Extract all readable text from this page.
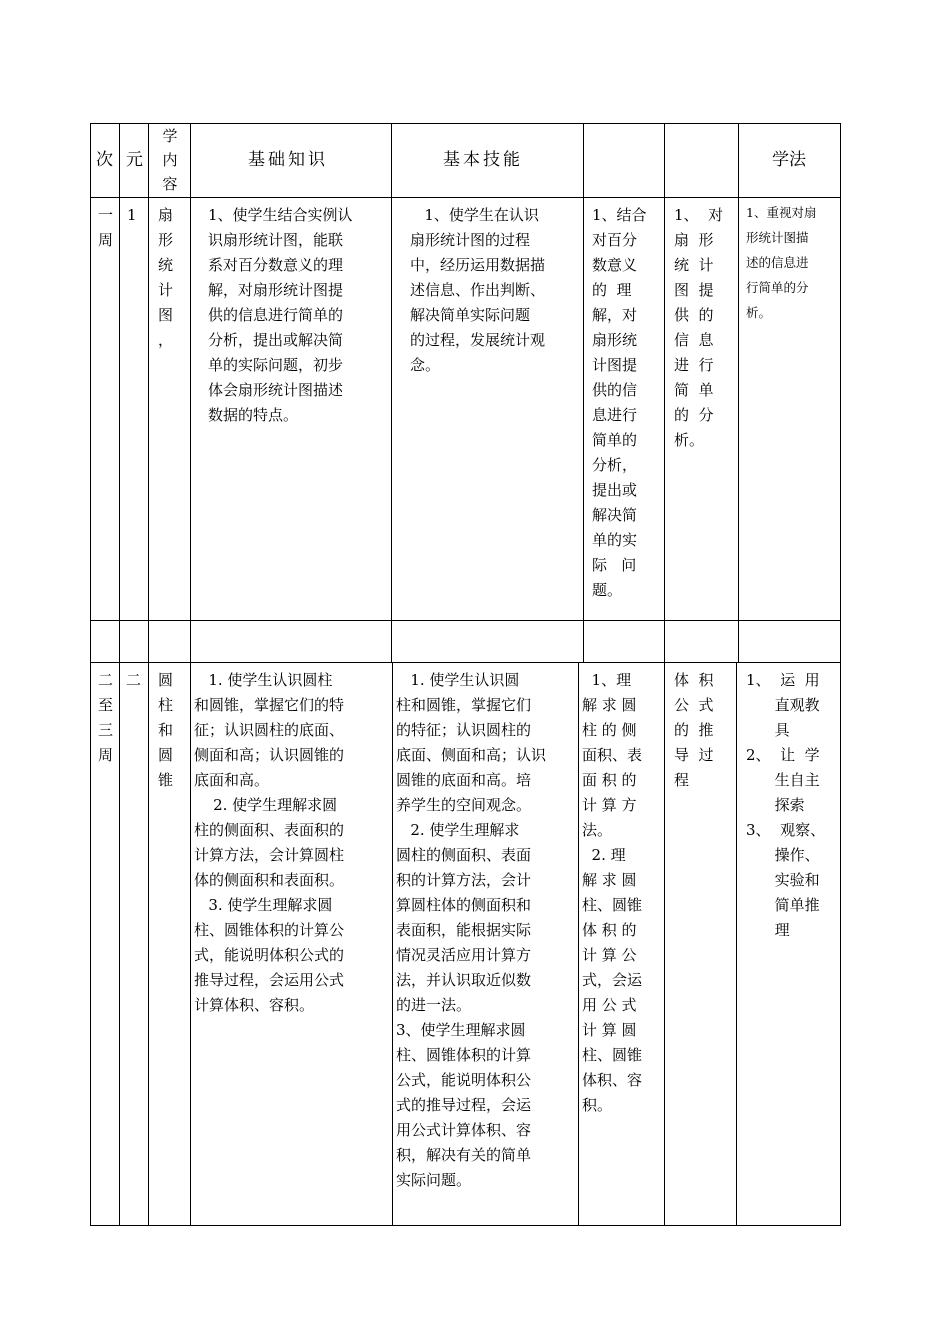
次 元
学
内
容
基础知识	基本技能	学法
一
周
1 扇
形
统
计
图
，
1、使学生结合实例认
识扇形统计图，能联
系对百分数意义的理
解，对扇形统计图提
供的信息进行简单的
分析，提出或解决简
单的实际问题，初步
体会扇形统计图描述
数据的特点。
1、使学生在认识
扇形统计图的过程
中，经历运用数据描
述信息、作出判断、
解决简单实际问题
的过程，发展统计观
念。
1、结合
对百分
数意义
的  理
解，对
扇形统
计图提
供的信
息进行
简单的
分析，
提出或
解决简
单的实
际   问
题。
1、  对
扇  形
统  计
图  提
供  的
信  息
进  行
简  单
的  分
析。
1、重视对扇
形统计图描
述的信息进
行简单的分
析。
二
至
三
周
二 圆
柱
和
圆
锥
1. 使学生认识圆柱
和圆锥，掌握它们的特
征；认识圆柱的底面、
侧面和高；认识圆锥的
底面和高。
2. 使学生理解求圆
柱的侧面积、表面积的
计算方法，会计算圆柱
体的侧面积和表面积。
3. 使学生理解求圆
柱、圆锥体积的计算公
式，能说明体积公式的
推导过程，会运用公式
计算体积、容积。
1. 使学生认识圆
柱和圆锥，掌握它们
的特征；认识圆柱的
底面、侧面和高；认识
圆锥的底面和高。培
养学生的空间观念。
2. 使学生理解求
圆柱的侧面积、表面
积的计算方法，会计
算圆柱体的侧面积和
表面积，能根据实际
情况灵活应用计算方
法，并认识取近似数
的进一法。
3、使学生理解求圆
柱、圆锥体积的计算
公式，能说明体积公
式的推导过程，会运
用公式计算体积、容
积，解决有关的简单
实际问题。
1、理
解 求 圆
柱 的 侧
面积、表
面 积 的
计 算 方
法。
2. 理
解 求 圆
柱、圆锥
体 积 的
计 算 公
式，会运
用 公 式
计 算 圆
柱、圆锥
体积、容
积。
体  积
公  式
的  推
导  过
程
1、  运  用
直观教
具
2、  让  学
生自主
探索
3、  观察、
操作、
实验和
简单推
理
